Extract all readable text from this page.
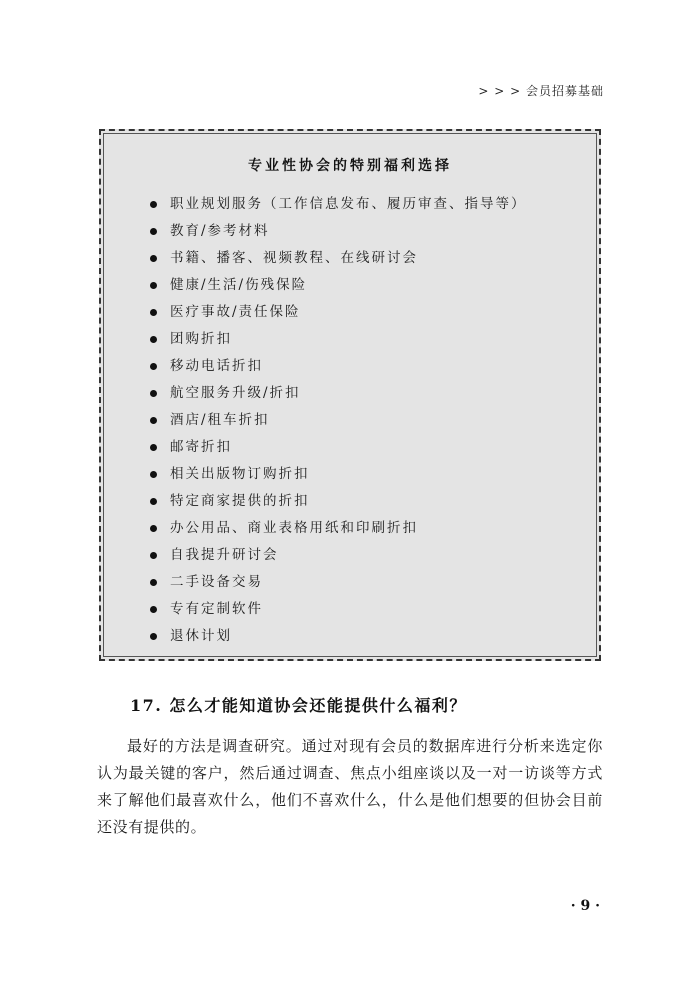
> > > 会员招募基础
专业性协会的特别福利选择
职业规划服务（工作信息发布、履历审查、指导等）
教育/参考材料
书籍、播客、视频教程、在线研讨会
健康/生活/伤残保险
医疗事故/责任保险
团购折扣
移动电话折扣
航空服务升级/折扣
酒店/租车折扣
邮寄折扣
相关出版物订购折扣
特定商家提供的折扣
办公用品、商业表格用纸和印刷折扣
自我提升研讨会
二手设备交易
专有定制软件
退休计划
17. 怎么才能知道协会还能提供什么福利？

最好的方法是调查研究。通过对现有会员的数据库进行分析来选定你认为最关键的客户，然后通过调查、焦点小组座谈以及一对一访谈等方式来了解他们最喜欢什么，他们不喜欢什么，什么是他们想要的但协会目前还没有提供的。

· 9 ·
